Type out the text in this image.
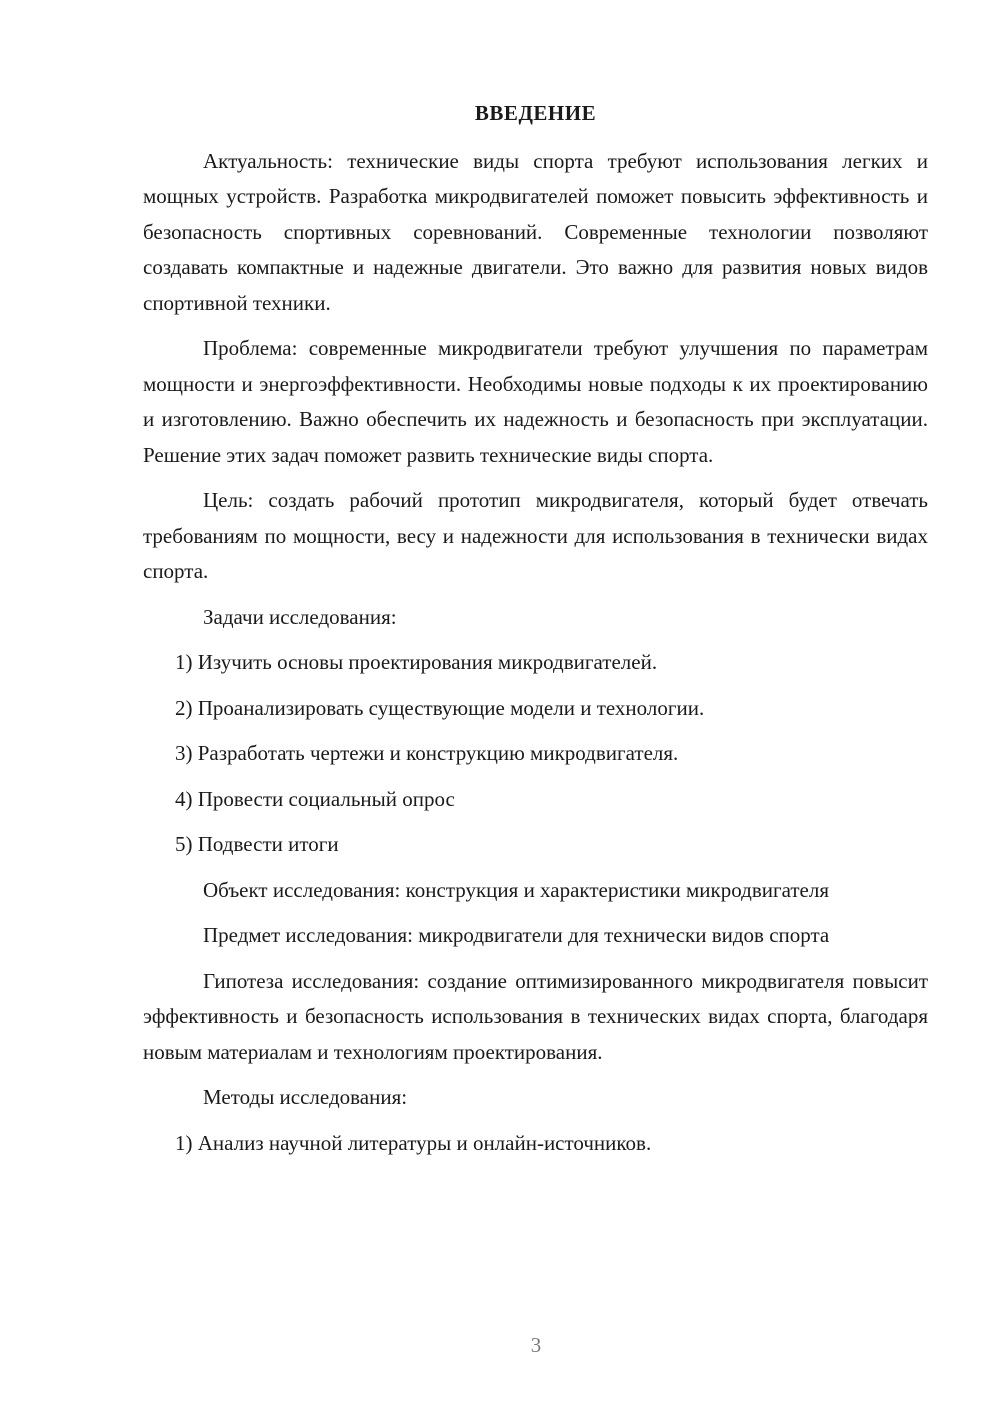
ВВЕДЕНИЕ

Актуальность: технические виды спорта требуют использования легких и мощных устройств. Разработка микродвигателей поможет повысить эффективность и безопасность спортивных соревнований. Современные технологии позволяют создавать компактные и надежные двигатели. Это важно для развития новых видов спортивной техники.

Проблема: современные микродвигатели требуют улучшения по параметрам мощности и энергоэффективности. Необходимы новые подходы к их проектированию и изготовлению. Важно обеспечить их надежность и безопасность при эксплуатации. Решение этих задач поможет развить технические виды спорта.

Цель: создать рабочий прототип микродвигателя, который будет отвечать требованиям по мощности, весу и надежности для использования в технически видах спорта.

Задачи исследования:
1) Изучить основы проектирования микродвигателей.
2) Проанализировать существующие модели и технологии.
3) Разработать чертежи и конструкцию микродвигателя.
4) Провести социальный опрос
5) Подвести итоги

Объект исследования: конструкция и характеристики микродвигателя

Предмет исследования: микродвигатели для технически видов спорта

Гипотеза исследования: создание оптимизированного микродвигателя повысит эффективность и безопасность использования в технических видах спорта, благодаря новым материалам и технологиям проектирования.

Методы исследования:
1) Анализ научной литературы и онлайн-источников.
3
